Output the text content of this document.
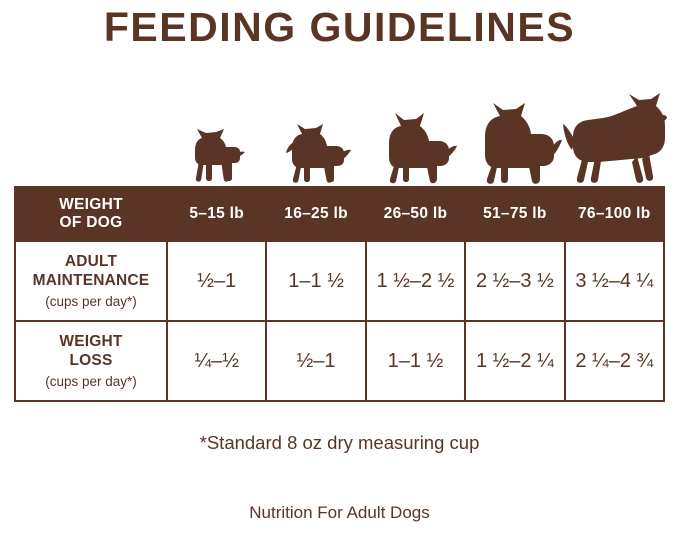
FEEDING GUIDELINES
WEIGHT
OF DOG	5–15 lb	16–25 lb	26–50 lb	51–75 lb	76–100 lb

ADULT
MAINTENANCE
(cups per day*)	½–1	1–1 ½	1 ½–2 ½	2 ½–3 ½	3 ½–4 ¼

WEIGHT
LOSS
(cups per day*)	¼–½	½–1	1–1 ½	1 ½–2 ¼	2 ¼–2 ¾
*Standard 8 oz dry measuring cup
Nutrition For Adult Dogs
